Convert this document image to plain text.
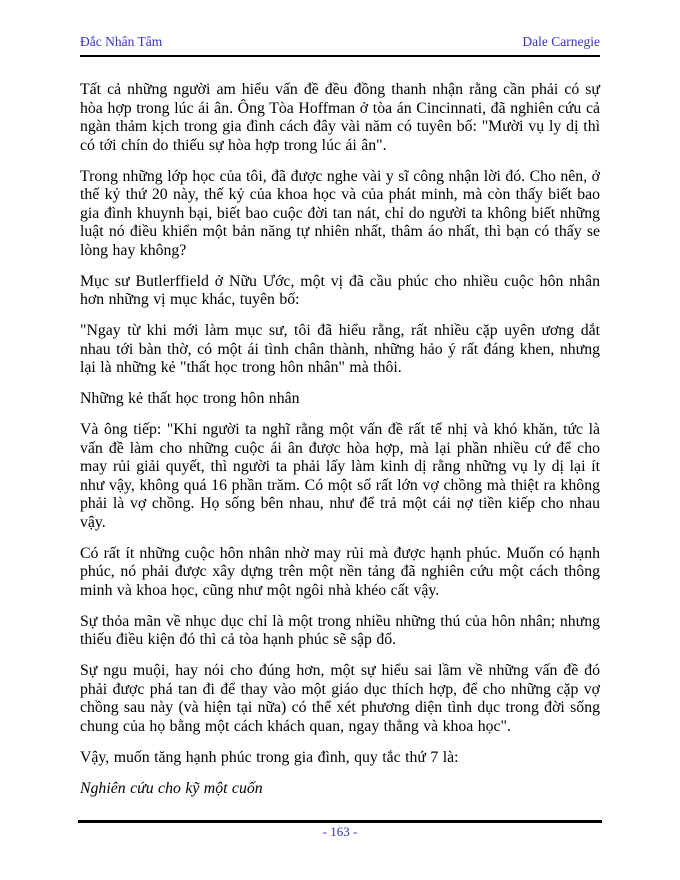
Đắc Nhân Tâm	Dale Carnegie

Tất cả những người am hiểu vấn đề đều đồng thanh nhận rằng cần phải có sự hòa hợp trong lúc ái ân. Ông Tòa Hoffman ở tòa án Cincinnati, đã nghiên cứu cả ngàn thảm kịch trong gia đình cách đây vài năm có tuyên bố: "Mười vụ ly dị thì có tới chín do thiếu sự hòa hợp trong lúc ái ân".

Trong những lớp học của tôi, đã được nghe vài y sĩ công nhận lời đó. Cho nên, ở thế kỷ thứ 20 này, thế kỷ của khoa học và của phát minh, mà còn thấy biết bao gia đình khuynh bại, biết bao cuộc đời tan nát, chỉ do người ta không biết những luật nó điều khiển một bản năng tự nhiên nhất, thâm áo nhất, thì bạn có thấy se lòng hay không?

Mục sư Butlerffield ở Nữu Ước, một vị đã cầu phúc cho nhiều cuộc hôn nhân hơn những vị mục khác, tuyên bố:

"Ngay từ khi mới làm mục sư, tôi đã hiểu rằng, rất nhiều cặp uyên ương dắt nhau tới bàn thờ, có một ái tình chân thành, những hảo ý rất đáng khen, nhưng lại là những kẻ "thất học trong hôn nhân" mà thôi.

Những kẻ thất học trong hôn nhân

Và ông tiếp: "Khi người ta nghĩ rằng một vấn đề rất tế nhị và khó khăn, tức là vấn đề làm cho những cuộc ái ân được hòa hợp, mà lại phần nhiều cứ để cho may rủi giải quyết, thì người ta phải lấy làm kinh dị rằng những vụ ly dị lại ít như vậy, không quá 16 phần trăm. Có một số rất lớn vợ chồng mà thiệt ra không phải là vợ chồng. Họ sống bên nhau, như để trả một cái nợ tiền kiếp cho nhau vậy.

Có rất ít những cuộc hôn nhân nhờ may rủi mà được hạnh phúc. Muốn có hạnh phúc, nó phải được xây dựng trên một nền tảng đã nghiên cứu một cách thông minh và khoa học, cũng như một ngôi nhà khéo cất vậy.

Sự thỏa mãn về nhục dục chỉ là một trong nhiều những thú của hôn nhân; nhưng thiếu điều kiện đó thì cả tòa hạnh phúc sẽ sập đổ.

Sự ngu muội, hay nói cho đúng hơn, một sự hiểu sai lầm về những vấn đề đó phải được phá tan đi để thay vào một giáo dục thích hợp, để cho những cặp vợ chồng sau này (và hiện tại nữa) có thể xét phương diện tình dục trong đời sống chung của họ bằng một cách khách quan, ngay thẳng và khoa học".

Vậy, muốn tăng hạnh phúc trong gia đình, quy tắc thứ 7 là:

Nghiên cứu cho kỹ một cuốn

- 163 -
